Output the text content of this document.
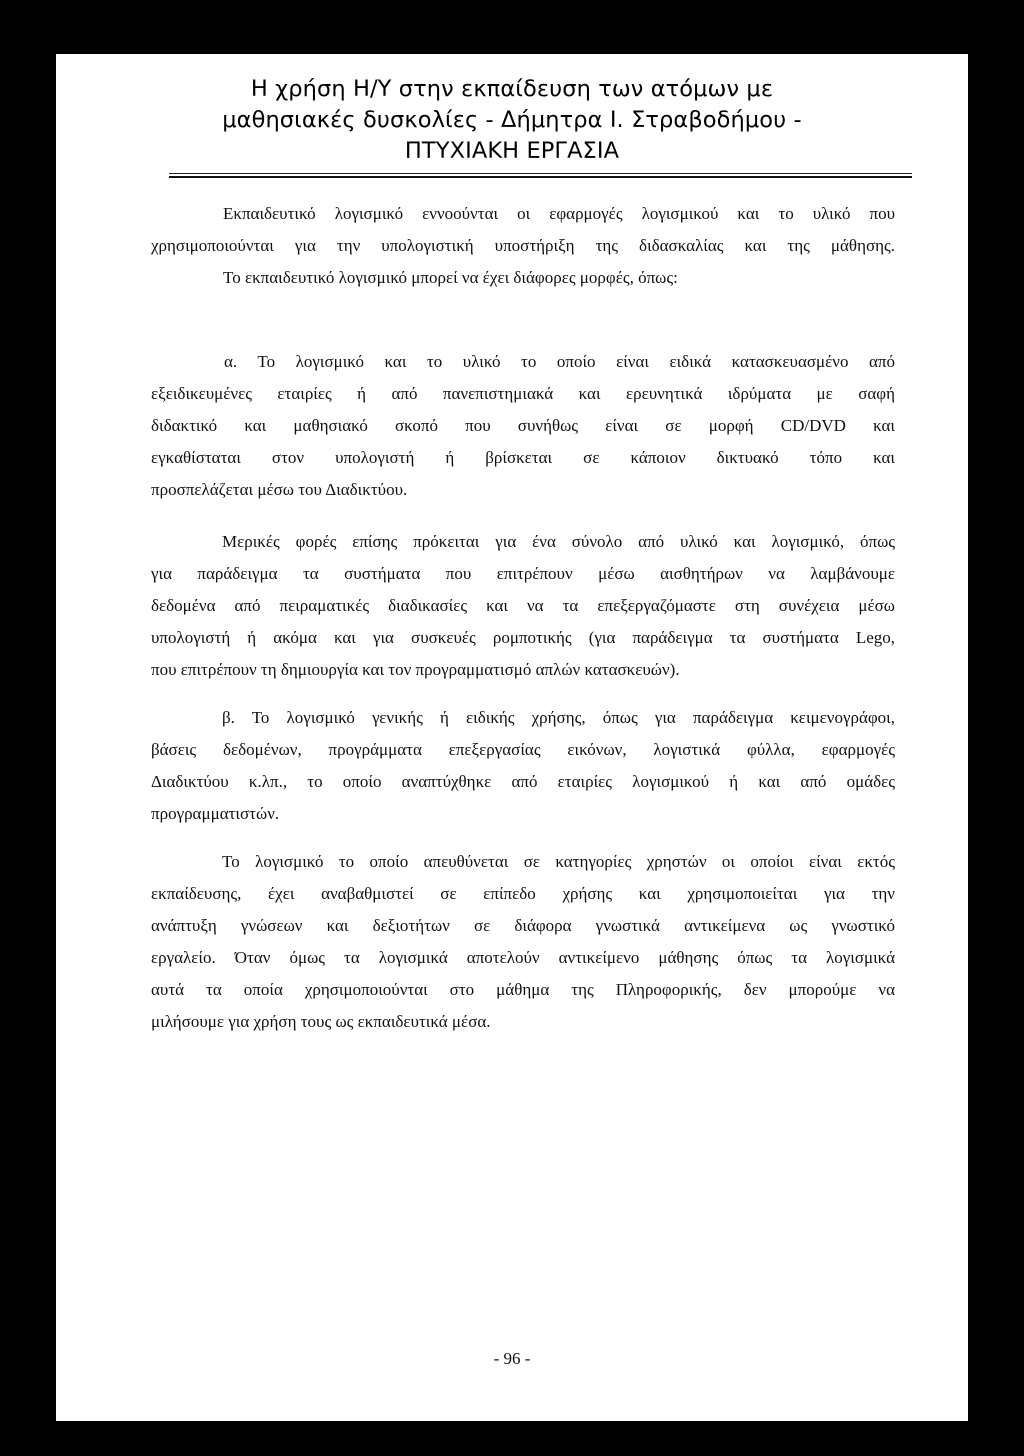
Η χρήση Η/Υ στην εκπαίδευση των ατόμων με
μαθησιακές δυσκολίες - Δήμητρα Ι. Στραβοδήμου -
ΠΤΥΧΙΑΚΗ ΕΡΓΑΣΙΑ

Εκπαιδευτικό λογισμικό εννοούνται οι εφαρμογές λογισμικού και το υλικό που
χρησιμοποιούνται για την υπολογιστική υποστήριξη της διδασκαλίας και της μάθησης.
Το εκπαιδευτικό λογισμικό μπορεί να έχει διάφορες μορφές, όπως:

α. Το λογισμικό και το υλικό το οποίο είναι ειδικά κατασκευασμένο από
εξειδικευμένες εταιρίες ή από πανεπιστημιακά και ερευνητικά ιδρύματα με σαφή
διδακτικό και μαθησιακό σκοπό που συνήθως είναι σε μορφή CD/DVD και
εγκαθίσταται στον υπολογιστή ή βρίσκεται σε κάποιον δικτυακό τόπο και
προσπελάζεται μέσω του Διαδικτύου.

Μερικές φορές επίσης πρόκειται για ένα σύνολο από υλικό και λογισμικό, όπως
για παράδειγμα τα συστήματα που επιτρέπουν μέσω αισθητήρων να λαμβάνουμε
δεδομένα από πειραματικές διαδικασίες και να τα επεξεργαζόμαστε στη συνέχεια μέσω
υπολογιστή ή ακόμα και για συσκευές ρομποτικής (για παράδειγμα τα συστήματα Lego,
που επιτρέπουν τη δημιουργία και τον προγραμματισμό απλών κατασκευών).

β. Το λογισμικό γενικής ή ειδικής χρήσης, όπως για παράδειγμα κειμενογράφοι,
βάσεις δεδομένων, προγράμματα επεξεργασίας εικόνων, λογιστικά φύλλα, εφαρμογές
Διαδικτύου κ.λπ., το οποίο αναπτύχθηκε από εταιρίες λογισμικού ή και από ομάδες
προγραμματιστών.

Το λογισμικό το οποίο απευθύνεται σε κατηγορίες χρηστών οι οποίοι είναι εκτός
εκπαίδευσης, έχει αναβαθμιστεί σε επίπεδο χρήσης και χρησιμοποιείται για την
ανάπτυξη γνώσεων και δεξιοτήτων σε διάφορα γνωστικά αντικείμενα ως γνωστικό
εργαλείο. Όταν όμως τα λογισμικά αποτελούν αντικείμενο μάθησης όπως τα λογισμικά
αυτά τα οποία χρησιμοποιούνται στο μάθημα της Πληροφορικής, δεν μπορούμε να
μιλήσουμε για χρήση τους ως εκπαιδευτικά μέσα.

- 96 -
